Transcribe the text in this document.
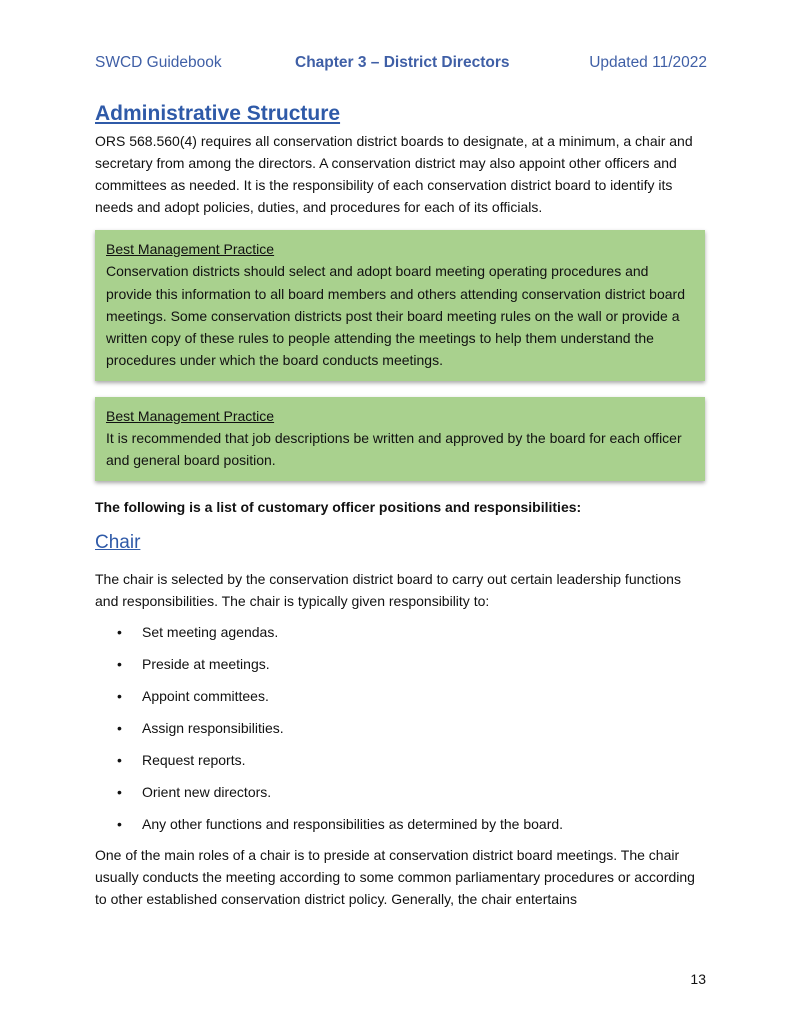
SWCD Guidebook	Chapter 3 – District Directors	Updated 11/2022
Administrative Structure

ORS 568.560(4) requires all conservation district boards to designate, at a minimum, a chair and secretary from among the directors. A conservation district may also appoint other officers and committees as needed. It is the responsibility of each conservation district board to identify its needs and adopt policies, duties, and procedures for each of its officials.

Best Management Practice
Conservation districts should select and adopt board meeting operating procedures and provide this information to all board members and others attending conservation district board meetings. Some conservation districts post their board meeting rules on the wall or provide a written copy of these rules to people attending the meetings to help them understand the procedures under which the board conducts meetings.
Best Management Practice
It is recommended that job descriptions be written and approved by the board for each officer and general board position.

The following is a list of customary officer positions and responsibilities:

Chair

The chair is selected by the conservation district board to carry out certain leadership functions and responsibilities. The chair is typically given responsibility to:

• Set meeting agendas.
• Preside at meetings.
• Appoint committees.
• Assign responsibilities.
• Request reports.
• Orient new directors.
• Any other functions and responsibilities as determined by the board.

One of the main roles of a chair is to preside at conservation district board meetings. The chair usually conducts the meeting according to some common parliamentary procedures or according to other established conservation district policy. Generally, the chair entertains

13
